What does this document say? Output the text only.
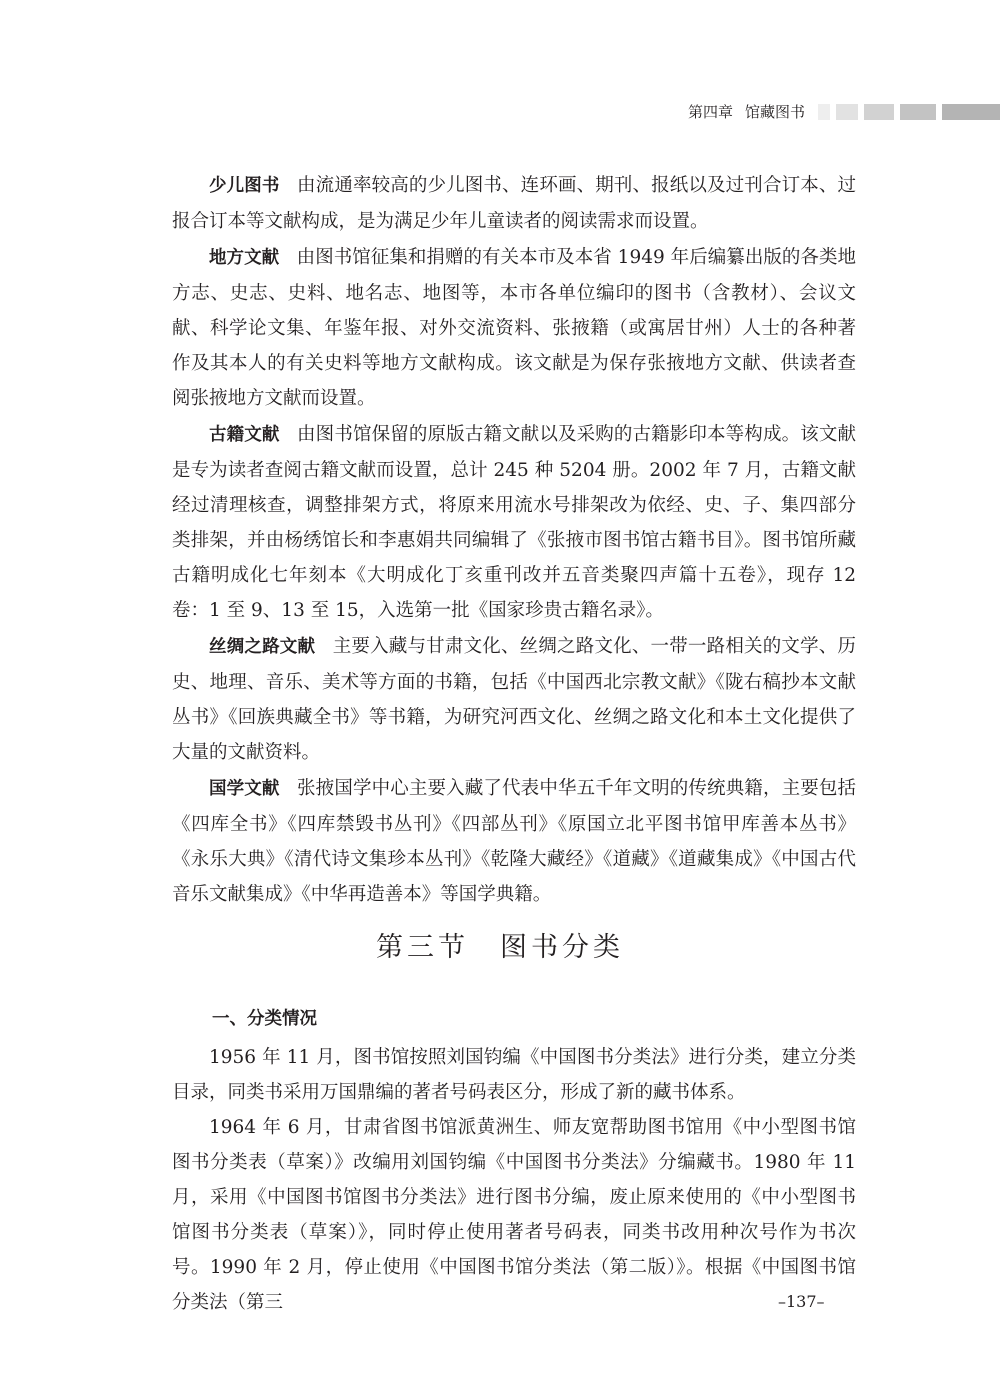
第四章 馆藏图书

少儿图书 由流通率较高的少儿图书、连环画、期刊、报纸以及过刊合订本、过报合订本等文献构成，是为满足少年儿童读者的阅读需求而设置。

地方文献 由图书馆征集和捐赠的有关本市及本省 1949 年后编纂出版的各类地方志、史志、史料、地名志、地图等，本市各单位编印的图书（含教材）、会议文献、科学论文集、年鉴年报、对外交流资料、张掖籍（或寓居甘州）人士的各种著作及其本人的有关史料等地方文献构成。该文献是为保存张掖地方文献、供读者查阅张掖地方文献而设置。

古籍文献 由图书馆保留的原版古籍文献以及采购的古籍影印本等构成。该文献是专为读者查阅古籍文献而设置，总计 245 种 5204 册。2002 年 7 月，古籍文献经过清理核查，调整排架方式，将原来用流水号排架改为依经、史、子、集四部分类排架，并由杨绣馆长和李惠娟共同编辑了《张掖市图书馆古籍书目》。图书馆所藏古籍明成化七年刻本《大明成化丁亥重刊改并五音类聚四声篇十五卷》，现存 12 卷：1 至 9、13 至 15，入选第一批《国家珍贵古籍名录》。

丝绸之路文献 主要入藏与甘肃文化、丝绸之路文化、一带一路相关的文学、历史、地理、音乐、美术等方面的书籍，包括《中国西北宗教文献》《陇右稿抄本文献丛书》《回族典藏全书》等书籍，为研究河西文化、丝绸之路文化和本土文化提供了大量的文献资料。

国学文献 张掖国学中心主要入藏了代表中华五千年文明的传统典籍，主要包括《四库全书》《四库禁毁书丛刊》《四部丛刊》《原国立北平图书馆甲库善本丛书》《永乐大典》《清代诗文集珍本丛刊》《乾隆大藏经》《道藏》《道藏集成》《中国古代音乐文献集成》《中华再造善本》等国学典籍。

第三节　图书分类
一、分类情况

1956 年 11 月，图书馆按照刘国钧编《中国图书分类法》进行分类，建立分类目录，同类书采用万国鼎编的著者号码表区分，形成了新的藏书体系。

1964 年 6 月，甘肃省图书馆派黄洲生、师友宽帮助图书馆用《中小型图书馆图书分类表（草案）》改编用刘国钧编《中国图书分类法》分编藏书。1980 年 11 月，采用《中国图书馆图书分类法》进行图书分编，废止原来使用的《中小型图书馆图书分类表（草案）》，同时停止使用著者号码表，同类书改用种次号作为书次号。1990 年 2 月，停止使用《中国图书馆分类法（第二版）》。根据《中国图书馆分类法（第三	–137–
